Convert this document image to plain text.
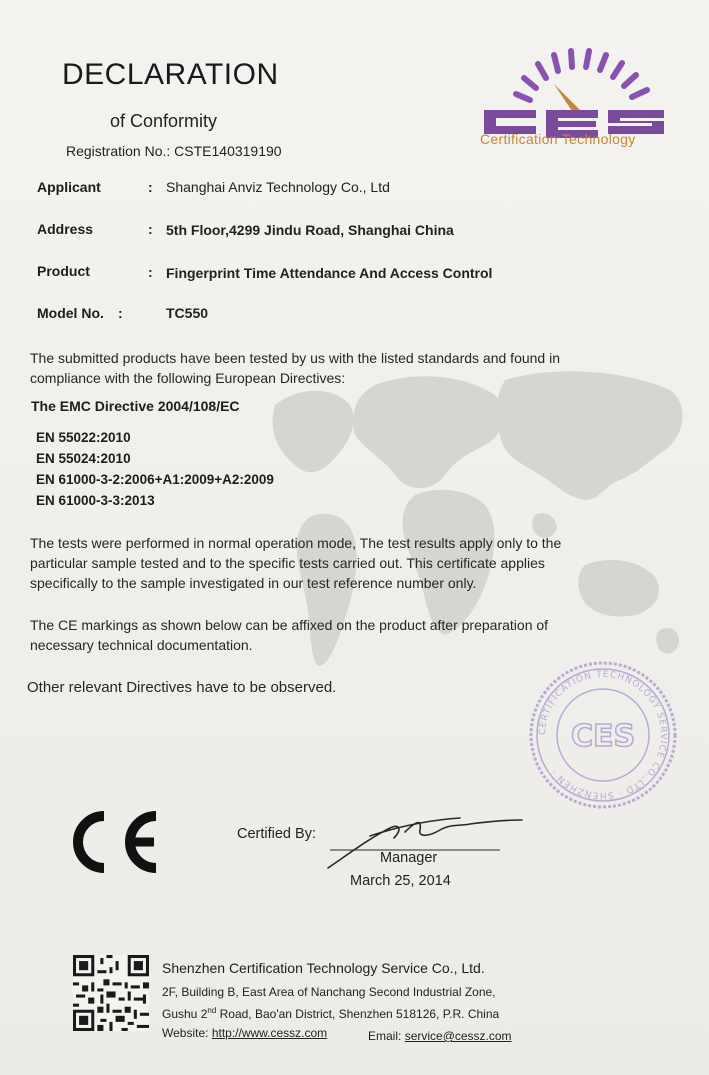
DECLARATION
of Conformity
Registration No.: CSTE140319190
Certification Technology
Applicant	: Shanghai Anviz Technology Co., Ltd
Address	: 5th Floor,4299 Jindu Road, Shanghai China
Product	: Fingerprint Time Attendance And Access Control
Model No. :	TC550
The submitted products have been tested by us with the listed standards and found in
compliance with the following European Directives:
The EMC Directive 2004/108/EC
EN 55022:2010
EN 55024:2010
EN 61000-3-2:2006+A1:2009+A2:2009
EN 61000-3-3:2013
The tests were performed in normal operation mode, The test results apply only to the
particular sample tested and to the specific tests carried out. This certificate applies
specifically to the sample investigated in our test reference number only.
The CE markings as shown below can be affixed on the product after preparation of
necessary technical documentation.
Other relevant Directives have to be observed.
CERTIFICATION TECHNOLOGY SERVICE CO.,LTD · SHENZHEN ·
CES
Certified By:
Manager
March 25, 2014
Shenzhen Certification Technology Service Co., Ltd.
2F, Building B, East Area of Nanchang Second Industrial Zone,
Gushu 2nd Road, Bao'an District, Shenzhen 518126, P.R. China
Website: http://www.cessz.com	Email: service@cessz.com
